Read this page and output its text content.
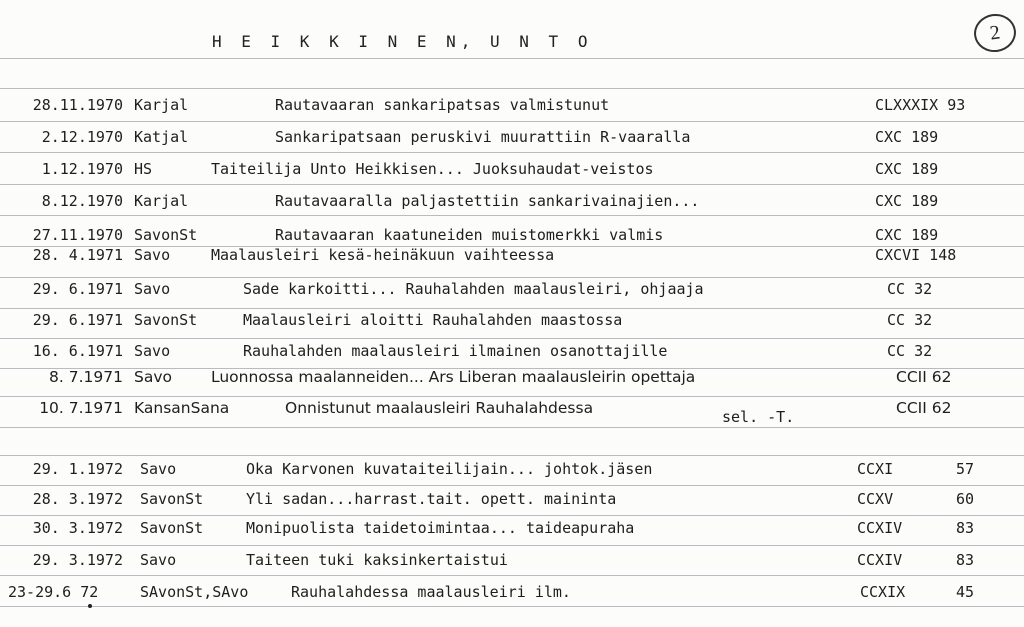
H E I K K I N E N, U N T O	2
28.11.1970 Karjal	Rautavaaran sankaripatsas valmistunut	CLXXXIX 93
2.12.1970 Katjal	Sankaripatsaan peruskivi muurattiin R-vaaralla	CXC 189
1.12.1970 HS	Taiteilija Unto Heikkisen... Juoksuhaudat-veistos	CXC 189
8.12.1970 Karjal	Rautavaaralla paljastettiin sankarivainajien...	CXC 189
27.11.1970 SavonSt	Rautavaaran kaatuneiden muistomerkki valmis	CXC 189
28. 4.1971 Savo	Maalausleiri kesä-heinäkuun vaihteessa	CXCVI 148
29. 6.1971 Savo	Sade karkoitti... Rauhalahden maalausleiri, ohjaaja	CC 32
29. 6.1971 SavonSt	Maalausleiri aloitti Rauhalahden maastossa	CC 32
16. 6.1971 Savo	Rauhalahden maalausleiri ilmainen osanottajille	CC 32
8. 7.1971 Savo	Luonnossa maalanneiden... Ars Liberan maalausleirin opettaja	CCII 62
10. 7.1971 KansanSana	Onnistunut maalausleiri Rauhalahdessa	CCII 62
sel. -T.
29. 1.1972 Savo	Oka Karvonen kuvataiteilijain... johtok.jäsen	CCXI	57
28. 3.1972 SavonSt	Yli sadan...harrast.tait. opett. maininta	CCXV	60
30. 3.1972 SavonSt	Monipuolista taidetoimintaa... taideapuraha	CCXIV	83
29. 3.1972 Savo	Taiteen tuki kaksinkertaistui	CCXIV	83
23-29.6 72	SAvonSt,SAvo	Rauhalahdessa maalausleiri ilm.	CCXIX	45
